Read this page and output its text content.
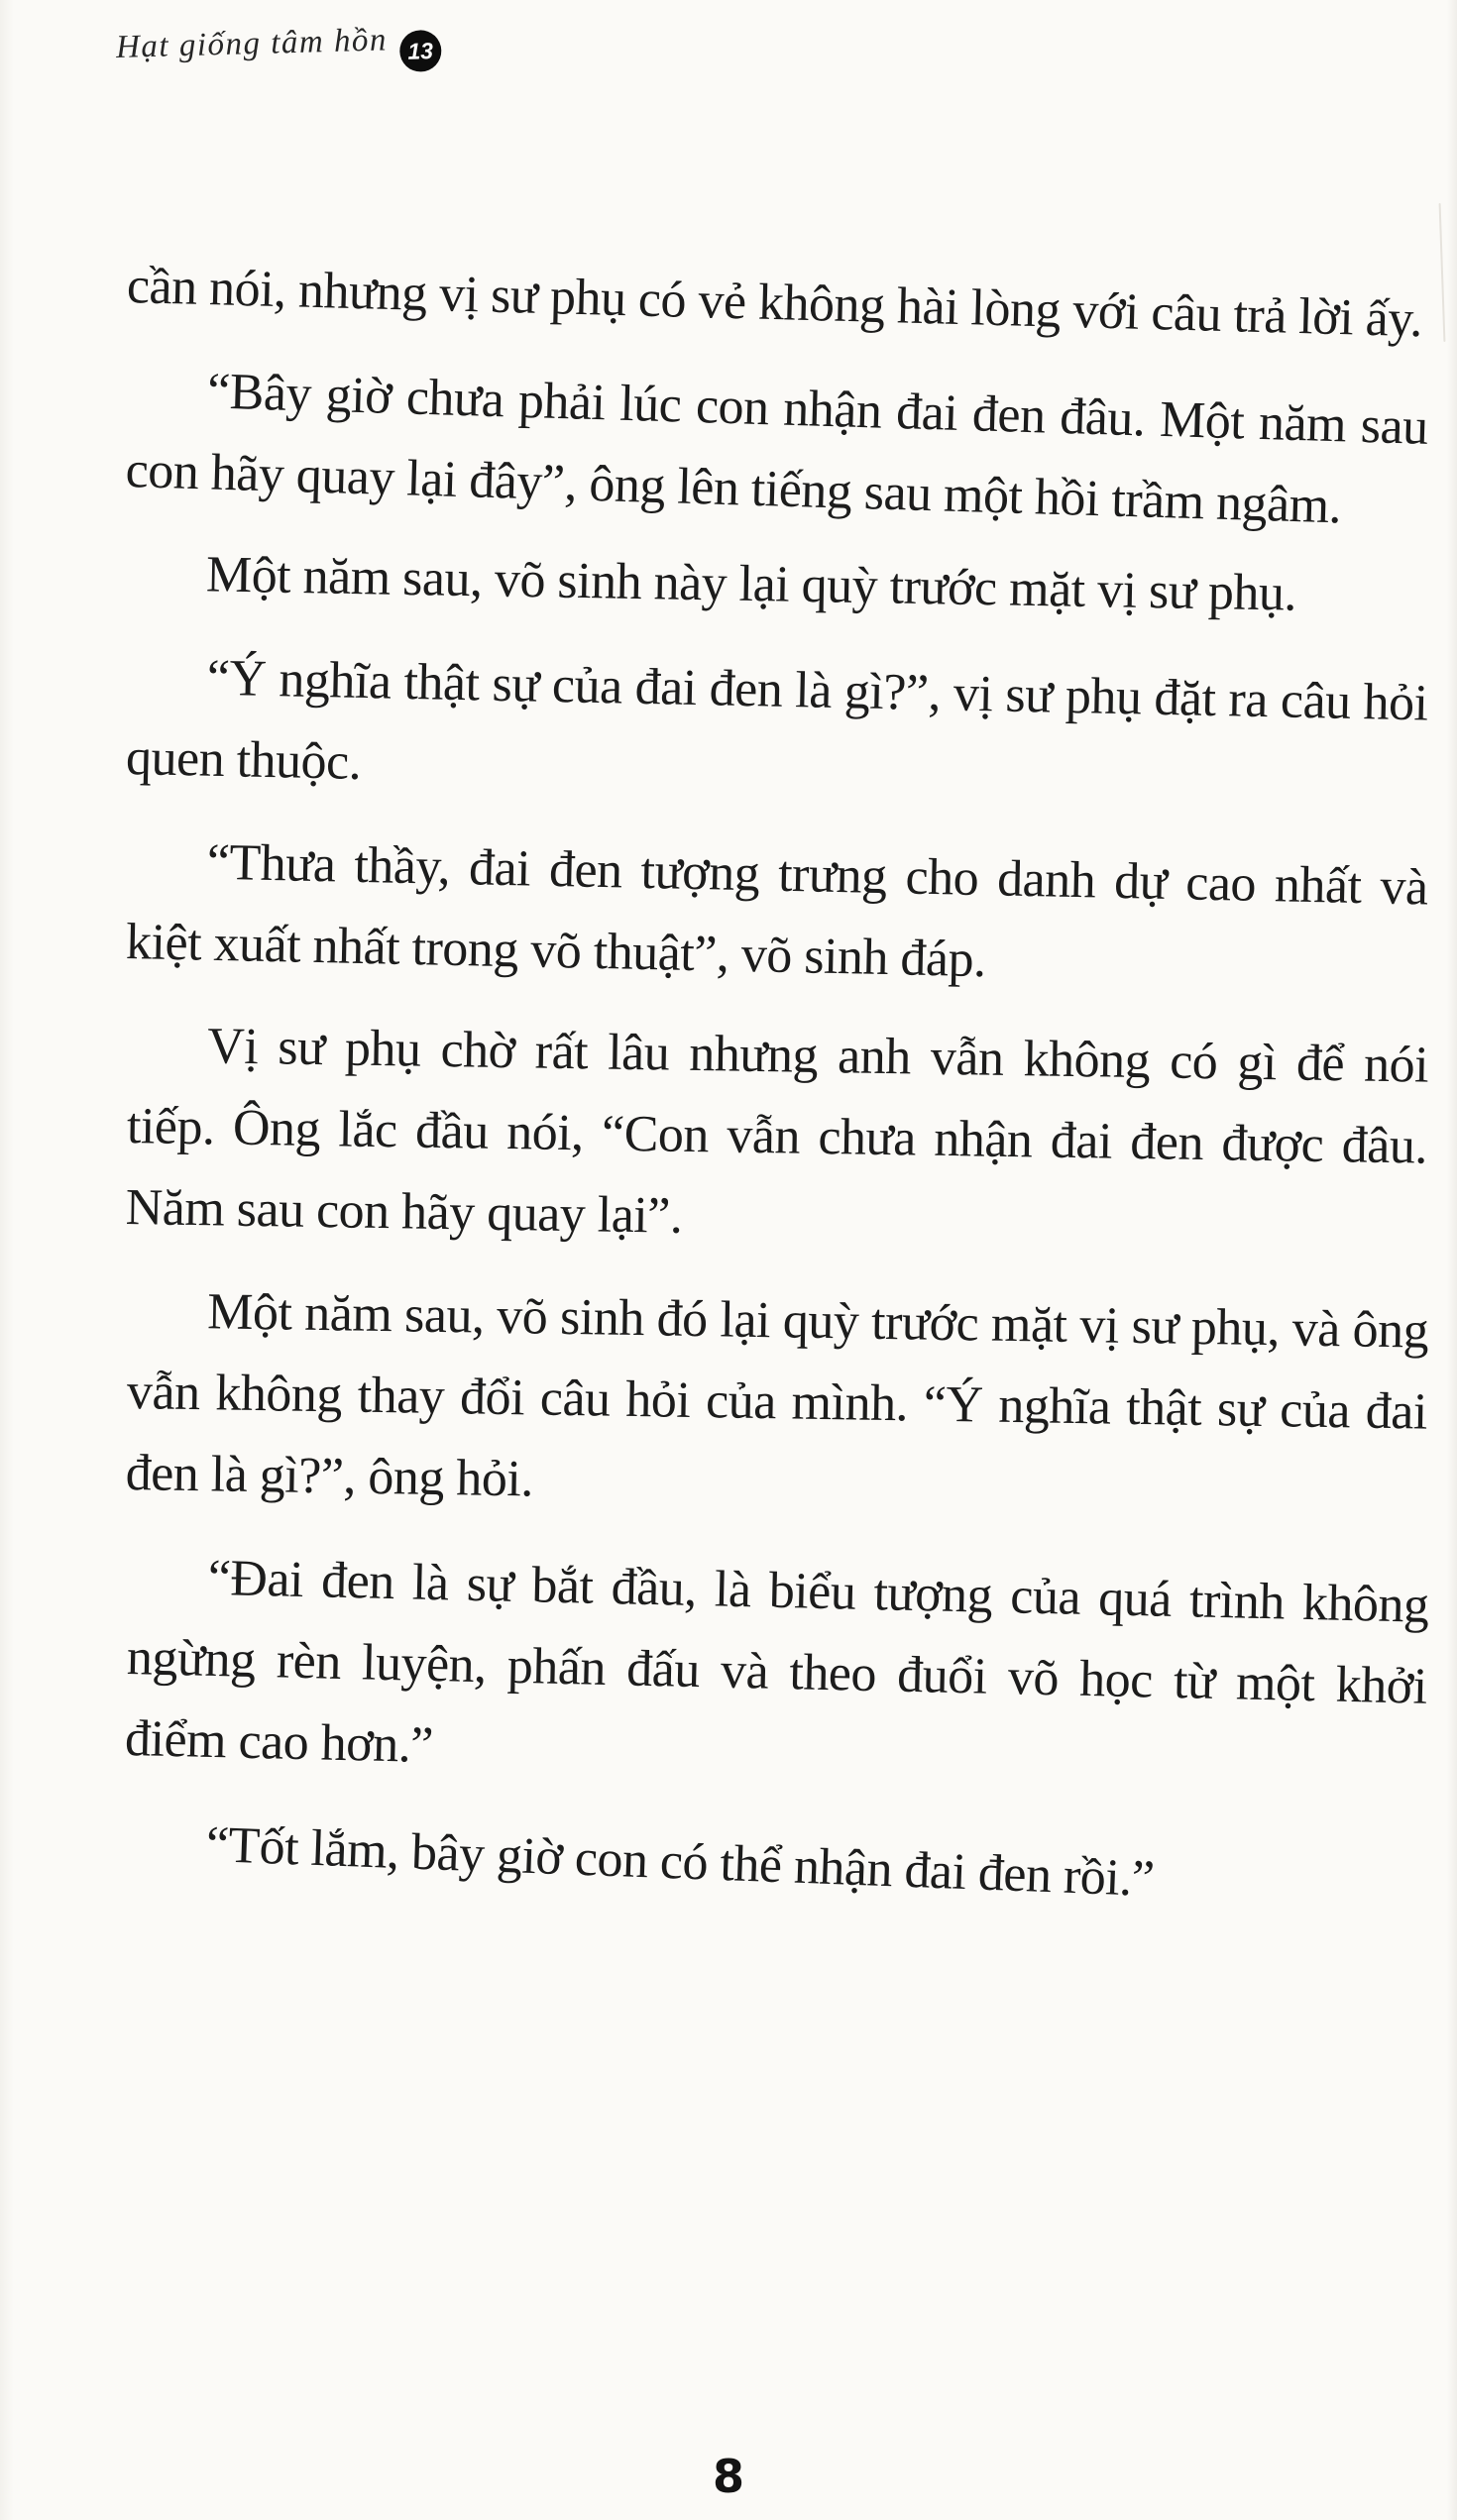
Hạt giống tâm hồn 13

cần nói, nhưng vị sư phụ có vẻ không hài lòng với câu trả lời ấy.

“Bây giờ chưa phải lúc con nhận đai đen đâu. Một năm sau con hãy quay lại đây”, ông lên tiếng sau một hồi trầm ngâm.

Một năm sau, võ sinh này lại quỳ trước mặt vị sư phụ.

“Ý nghĩa thật sự của đai đen là gì?”, vị sư phụ đặt ra câu hỏi quen thuộc.

“Thưa thầy, đai đen tượng trưng cho danh dự cao nhất và kiệt xuất nhất trong võ thuật”, võ sinh đáp.

Vị sư phụ chờ rất lâu nhưng anh vẫn không có gì để nói tiếp. Ông lắc đầu nói, “Con vẫn chưa nhận đai đen được đâu. Năm sau con hãy quay lại”.

Một năm sau, võ sinh đó lại quỳ trước mặt vị sư phụ, và ông vẫn không thay đổi câu hỏi của mình. “Ý nghĩa thật sự của đai đen là gì?”, ông hỏi.

“Đai đen là sự bắt đầu, là biểu tượng của quá trình không ngừng rèn luyện, phấn đấu và theo đuổi võ học từ một khởi điểm cao hơn.”

“Tốt lắm, bây giờ con có thể nhận đai đen rồi.”

8
